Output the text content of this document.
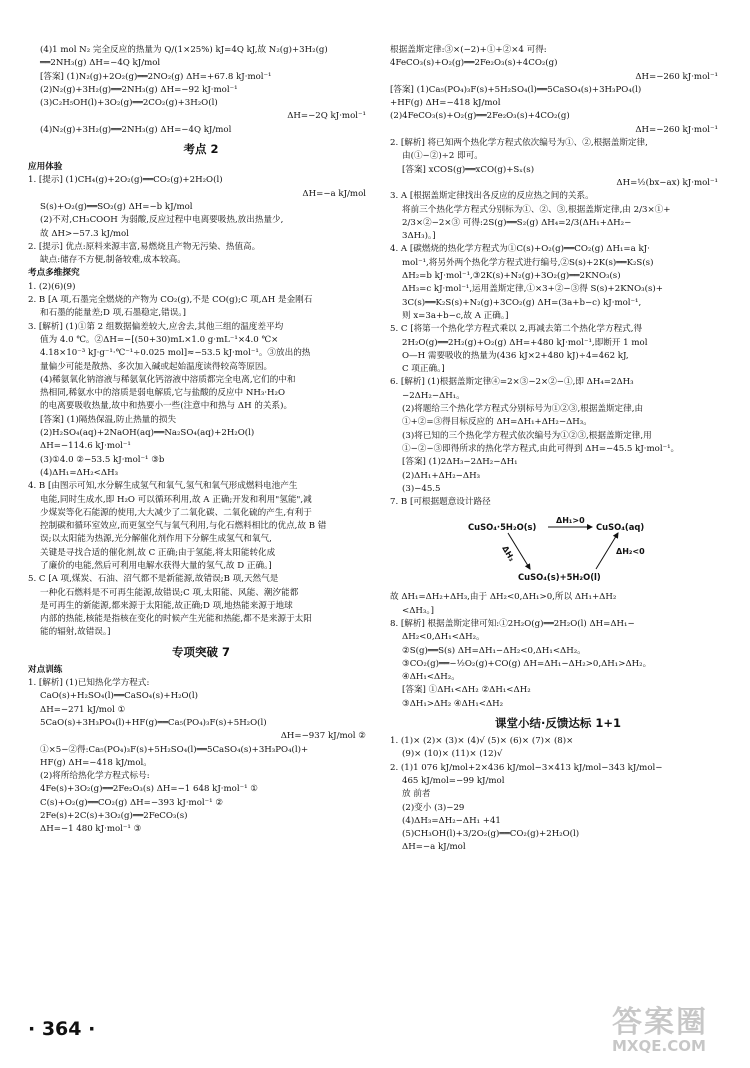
(4)1 mol N₂ 完全反应的热量为 Q/(1×25%) kJ=4Q kJ,故 N₂(g)+3H₂(g)
══2NH₃(g) ΔH=−4Q kJ/mol
[答案] (1)N₂(g)+2O₂(g)══2NO₂(g) ΔH=+67.8 kJ·mol⁻¹
(2)N₂(g)+3H₂(g)══2NH₃(g) ΔH=−92 kJ·mol⁻¹
(3)C₂H₅OH(l)+3O₂(g)══2CO₂(g)+3H₂O(l)
ΔH=−2Q kJ·mol⁻¹
(4)N₂(g)+3H₂(g)══2NH₃(g) ΔH=−4Q kJ/mol
考点 2
应用体验
1. [提示] (1)CH₄(g)+2O₂(g)══CO₂(g)+2H₂O(l)
ΔH=−a kJ/mol
S(s)+O₂(g)══SO₂(g) ΔH=−b kJ/mol
(2)不对,CH₃COOH 为弱酸,反应过程中电离要吸热,放出热量少,
故 ΔH>−57.3 kJ/mol
2. [提示] 优点:原料来源丰富,易燃烧且产物无污染、热值高。
缺点:储存不方便,制备较难,成本较高。
考点多维探究
1. (2)(6)(9)
2. B [A 项,石墨完全燃烧的产物为 CO₂(g),不是 CO(g);C 项,ΔH 是金刚石
和石墨的能量差;D 项,石墨稳定,错误。]
3. [解析] (1)①第 2 组数据偏差较大,应舍去,其他三组的温度差平均
值为 4.0 ℃。②ΔH=−[(50+30)mL×1.0 g·mL⁻¹×4.0 ℃×
4.18×10⁻³ kJ·g⁻¹·℃⁻¹÷0.025 mol]≈−53.5 kJ·mol⁻¹。③放出的热
量偏少可能是散热、多次加入碱或起始温度读得较高等原因。
(4)稀氨氧化钠溶液与稀氨氧化钙溶液中溶质都完全电离,它们的中和
热相同,稀氨水中的溶质是弱电解质,它与盐酸的反应中 NH₃·H₂O
的电离要吸收热量,故中和热要小一些(注意中和热与 ΔH 的关系)。
[答案] (1)隔热保温,防止热量的损失
(2)H₂SO₄(aq)+2NaOH(aq)══Na₂SO₄(aq)+2H₂O(l)
ΔH=−114.6 kJ·mol⁻¹
(3)①4.0 ②−53.5 kJ·mol⁻¹ ③b
(4)ΔH₁=ΔH₂<ΔH₃
4. B [由图示可知,水分解生成氢气和氧气,氢气和氧气形成燃料电池产生
电能,同时生成水,即 H₂O 可以循环利用,故 A 正确;开发和利用"氢能",减
少煤炭等化石能源的使用,大大减少了二氧化碳、二氧化硫的产生,有利于
控制碳和循环室效应,而更氢空气与氧气利用,与化石燃料相比的优点,故 B 错
误;以太阳能为热源,光分解催化剂作用下分解生成氢气和氧气,
关键是寻找合适的催化剂,故 C 正确;由于氢能,将太阳能转化成
了廉价的电能,然后可利用电解水获得大量的氢气,故 D 正确。]
5. C [A 项,煤炭、石油、沼气都不是新能源,故错误;B 项,天然气是
一种化石燃料是不可再生能源,故错误;C 项,太阳能、风能、潮汐能都
是可再生的新能源,都来源于太阳能,故正确;D 项,地热能来源于地球
内部的热能,核能是指核在变化的时候产生光能和热能,都不是来源于太阳
能的辐射,故错误。]
专项突破 7
对点训练
1. [解析] (1)已知热化学方程式:
CaO(s)+H₂SO₄(l)══CaSO₄(s)+H₂O(l)
ΔH=−271 kJ/mol ①
5CaO(s)+3H₃PO₄(l)+HF(g)══Ca₅(PO₄)₃F(s)+5H₂O(l)
ΔH=−937 kJ/mol ②
①×5−②得:Ca₅(PO₄)₃F(s)+5H₂SO₄(l)══5CaSO₄(s)+3H₃PO₄(l)+
HF(g) ΔH=−418 kJ/mol。
(2)将所给热化学方程式标号:
4Fe(s)+3O₂(g)══2Fe₂O₃(s) ΔH=−1 648 kJ·mol⁻¹ ①
C(s)+O₂(g)══CO₂(g) ΔH=−393 kJ·mol⁻¹ ②
2Fe(s)+2C(s)+3O₂(g)══2FeCO₃(s)
ΔH=−1 480 kJ·mol⁻¹ ③
根据盖斯定律:③×(−2)+①+②×4 可得:
4FeCO₃(s)+O₂(g)══2Fe₂O₃(s)+4CO₂(g)
ΔH=−260 kJ·mol⁻¹
[答案] (1)Ca₅(PO₄)₃F(s)+5H₂SO₄(l)══5CaSO₄(s)+3H₃PO₄(l)
+HF(g) ΔH=−418 kJ/mol
(2)4FeCO₃(s)+O₂(g)══2Fe₂O₃(s)+4CO₂(g)
ΔH=−260 kJ·mol⁻¹
2. [解析] 将已知两个热化学方程式依次编号为①、②,根据盖斯定律,
由(①−②)÷2 即可。
[答案] xCOS(g)══xCO(g)+Sₓ(s)
ΔH=½(bx−ax) kJ·mol⁻¹
3. A [根据盖斯定律找出各反应的反应热之间的关系。
将前三个热化学方程式分别标为①、②、③,根据盖斯定律,由 2/3×①+
2/3×②−2×③ 可得:2S(g)══S₂(g) ΔH₄=2/3(ΔH₁+ΔH₂−
3ΔH₃)。]
4. A [碳燃烧的热化学方程式为①C(s)+O₂(g)══CO₂(g) ΔH₁=a kJ·
mol⁻¹,将另外两个热化学方程式进行编号,②S(s)+2K(s)══K₂S(s)
ΔH₂=b kJ·mol⁻¹,③2K(s)+N₂(g)+3O₂(g)══2KNO₃(s)
ΔH₃=c kJ·mol⁻¹,运用盖斯定律,①×3+②−③得 S(s)+2KNO₃(s)+
3C(s)══K₂S(s)+N₂(g)+3CO₂(g) ΔH=(3a+b−c) kJ·mol⁻¹,
则 x=3a+b−c,故 A 正确。]
5. C [将第一个热化学方程式乘以 2,再减去第二个热化学方程式,得
2H₂O(g)══2H₂(g)+O₂(g) ΔH=+480 kJ·mol⁻¹,即断开 1 mol
O—H 需要吸收的热量为(436 kJ×2+480 kJ)÷4=462 kJ,
C 项正确。]
6. [解析] (1)根据盖斯定律④=2×③−2×②−①,即 ΔH₄=2ΔH₃
−2ΔH₂−ΔH₁。
(2)将题给三个热化学方程式分别标号为①②③,根据盖斯定律,由
①+②=③得目标反应的 ΔH=ΔH₁+ΔH₂−ΔH₃。
(3)将已知的三个热化学方程式依次编号为①②③,根据盖斯定律,用
①−②−③即得所求的热化学方程式,由此可得到 ΔH=−45.5 kJ·mol⁻¹。
[答案] (1)2ΔH₃−2ΔH₂−ΔH₁
(2)ΔH₁+ΔH₂−ΔH₃
(3)−45.5
7. B [可根据题意设计路径
CuSO₄·5H₂O(s)
ΔH₁>0
CuSO₄(aq)
ΔH₃	ΔH₂<0
CuSO₄(s)+5H₂O(l)
故 ΔH₁=ΔH₂+ΔH₃,由于 ΔH₂<0,ΔH₁>0,所以 ΔH₁+ΔH₂
<ΔH₃。]
8. [解析] 根据盖斯定律可知:①2H₂O(g)══2H₂O(l) ΔH=ΔH₁−
ΔH₂<0,ΔH₁<ΔH₂。
②S(g)══S(s) ΔH=ΔH₁−ΔH₂<0,ΔH₁<ΔH₂。
③CO₂(g)══−½O₂(g)+CO(g) ΔH=ΔH₁−ΔH₂>0,ΔH₁>ΔH₂。
④ΔH₁<ΔH₂。
[答案] ①ΔH₁<ΔH₂ ②ΔH₁<ΔH₂
③ΔH₁>ΔH₂ ④ΔH₁<ΔH₂
课堂小结·反馈达标 1+1
1. (1)× (2)× (3)× (4)√ (5)× (6)× (7)× (8)×
(9)× (10)× (11)× (12)√
2. (1)1 076 kJ/mol+2×436 kJ/mol−3×413 kJ/mol−343 kJ/mol−
465 kJ/mol=−99 kJ/mol
放 前者
(2)变小 (3)−29
(4)ΔH₃=ΔH₂−ΔH₁ +41
(5)CH₃OH(l)+3/2O₂(g)══CO₂(g)+2H₂O(l)
ΔH=−a kJ/mol
· 364 ·	答案圈
MXQE.COM
